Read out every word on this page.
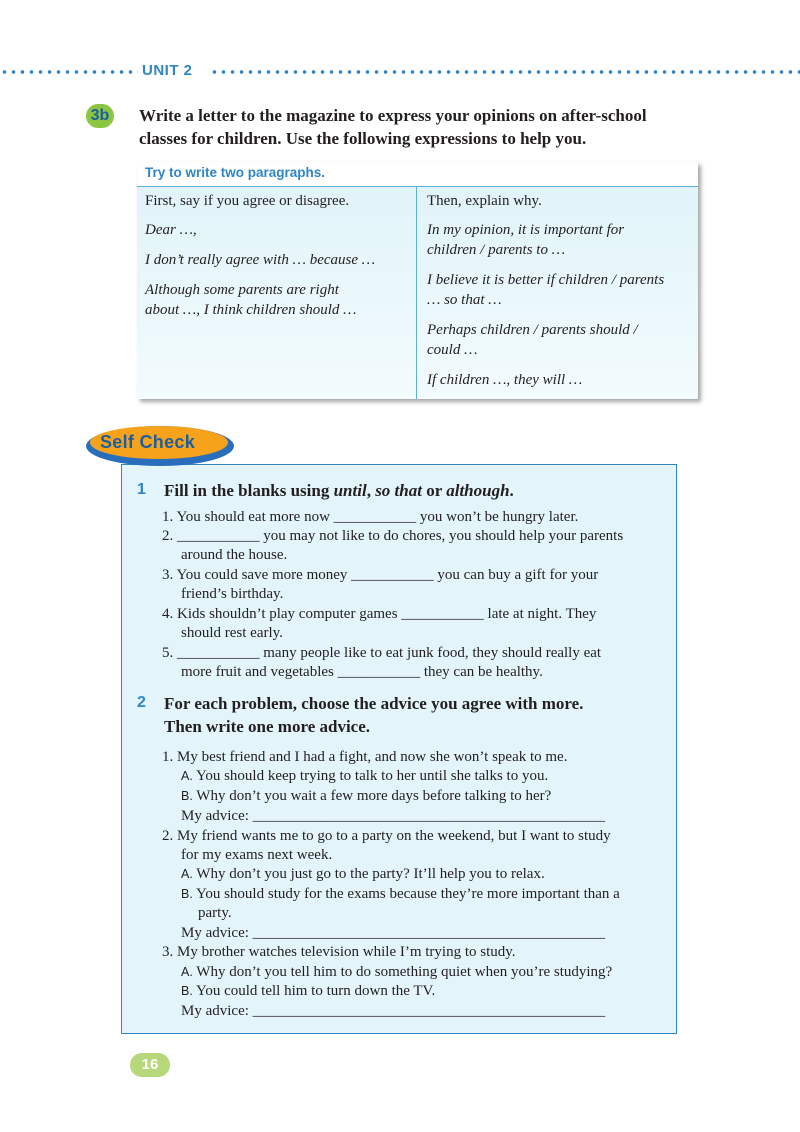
UNIT 2
3b Write a letter to the magazine to express your opinions on after-school
classes for children. Use the following expressions to help you.
Try to write two paragraphs.
First, say if you agree or disagree.
Dear …,
I don’t really agree with … because …
Although some parents are right
about …, I think children should …
Then, explain why.
In my opinion, it is important for
children / parents to …
I believe it is better if children / parents
… so that …
Perhaps children / parents should /
could …
If children …, they will …
Self Check
1 Fill in the blanks using until, so that or although.
1. You should eat more now ___________ you won’t be hungry later.
2. ___________ you may not like to do chores, you should help your parents
around the house.
3. You could save more money ___________ you can buy a gift for your
friend’s birthday.
4. Kids shouldn’t play computer games ___________ late at night. They
should rest early.
5. ___________ many people like to eat junk food, they should really eat
more fruit and vegetables ___________ they can be healthy.
2 For each problem, choose the advice you agree with more.
Then write one more advice.
1. My best friend and I had a fight, and now she won’t speak to me.
A. You should keep trying to talk to her until she talks to you.
B. Why don’t you wait a few more days before talking to her?
My advice: _______________________________________________
2. My friend wants me to go to a party on the weekend, but I want to study
for my exams next week.
A. Why don’t you just go to the party? It’ll help you to relax.
B. You should study for the exams because they’re more important than a
party.
My advice: _______________________________________________
3. My brother watches television while I’m trying to study.
A. Why don’t you tell him to do something quiet when you’re studying?
B. You could tell him to turn down the TV.
My advice: _______________________________________________
16
